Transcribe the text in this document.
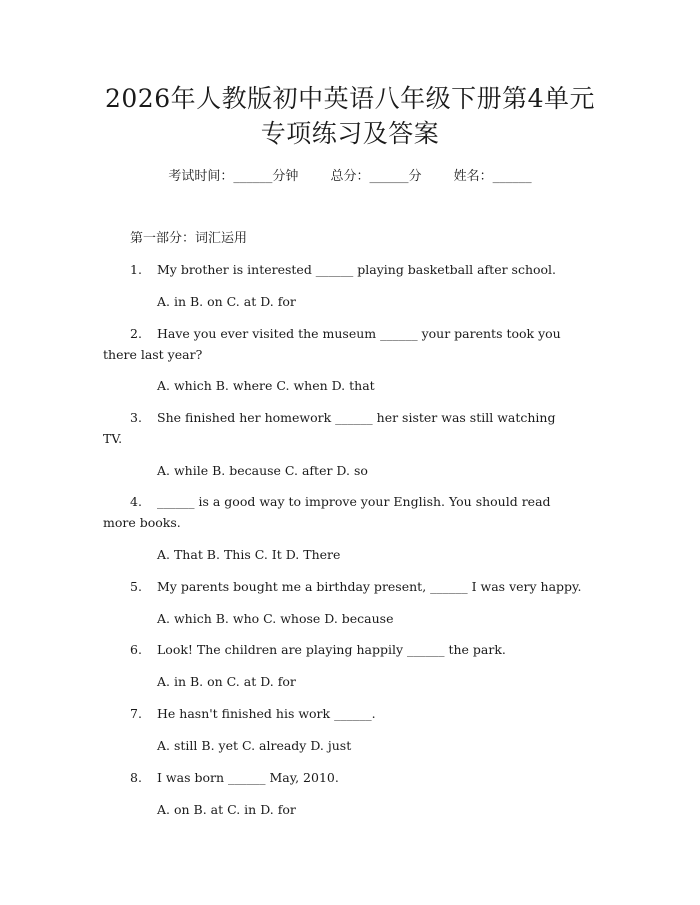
2026年人教版初中英语八年级下册第4单元
专项练习及答案
考试时间：______分钟 总分：______分 姓名：______
第一部分：词汇运用
1.	My brother is interested ______ playing basketball after school.
A. in B. on C. at D. for
2.	Have you ever visited the museum ______ your parents took you
there last year?
A. which B. where C. when D. that
3.	She finished her homework ______ her sister was still watching
TV.
A. while B. because C. after D. so
4.	______ is a good way to improve your English. You should read
more books.
A. That B. This C. It D. There
5.	My parents bought me a birthday present, ______ I was very happy.
A. which B. who C. whose D. because
6.	Look! The children are playing happily ______ the park.
A. in B. on C. at D. for
7.	He hasn't finished his work ______.
A. still B. yet C. already D. just
8.	I was born ______ May, 2010.
A. on B. at C. in D. for
